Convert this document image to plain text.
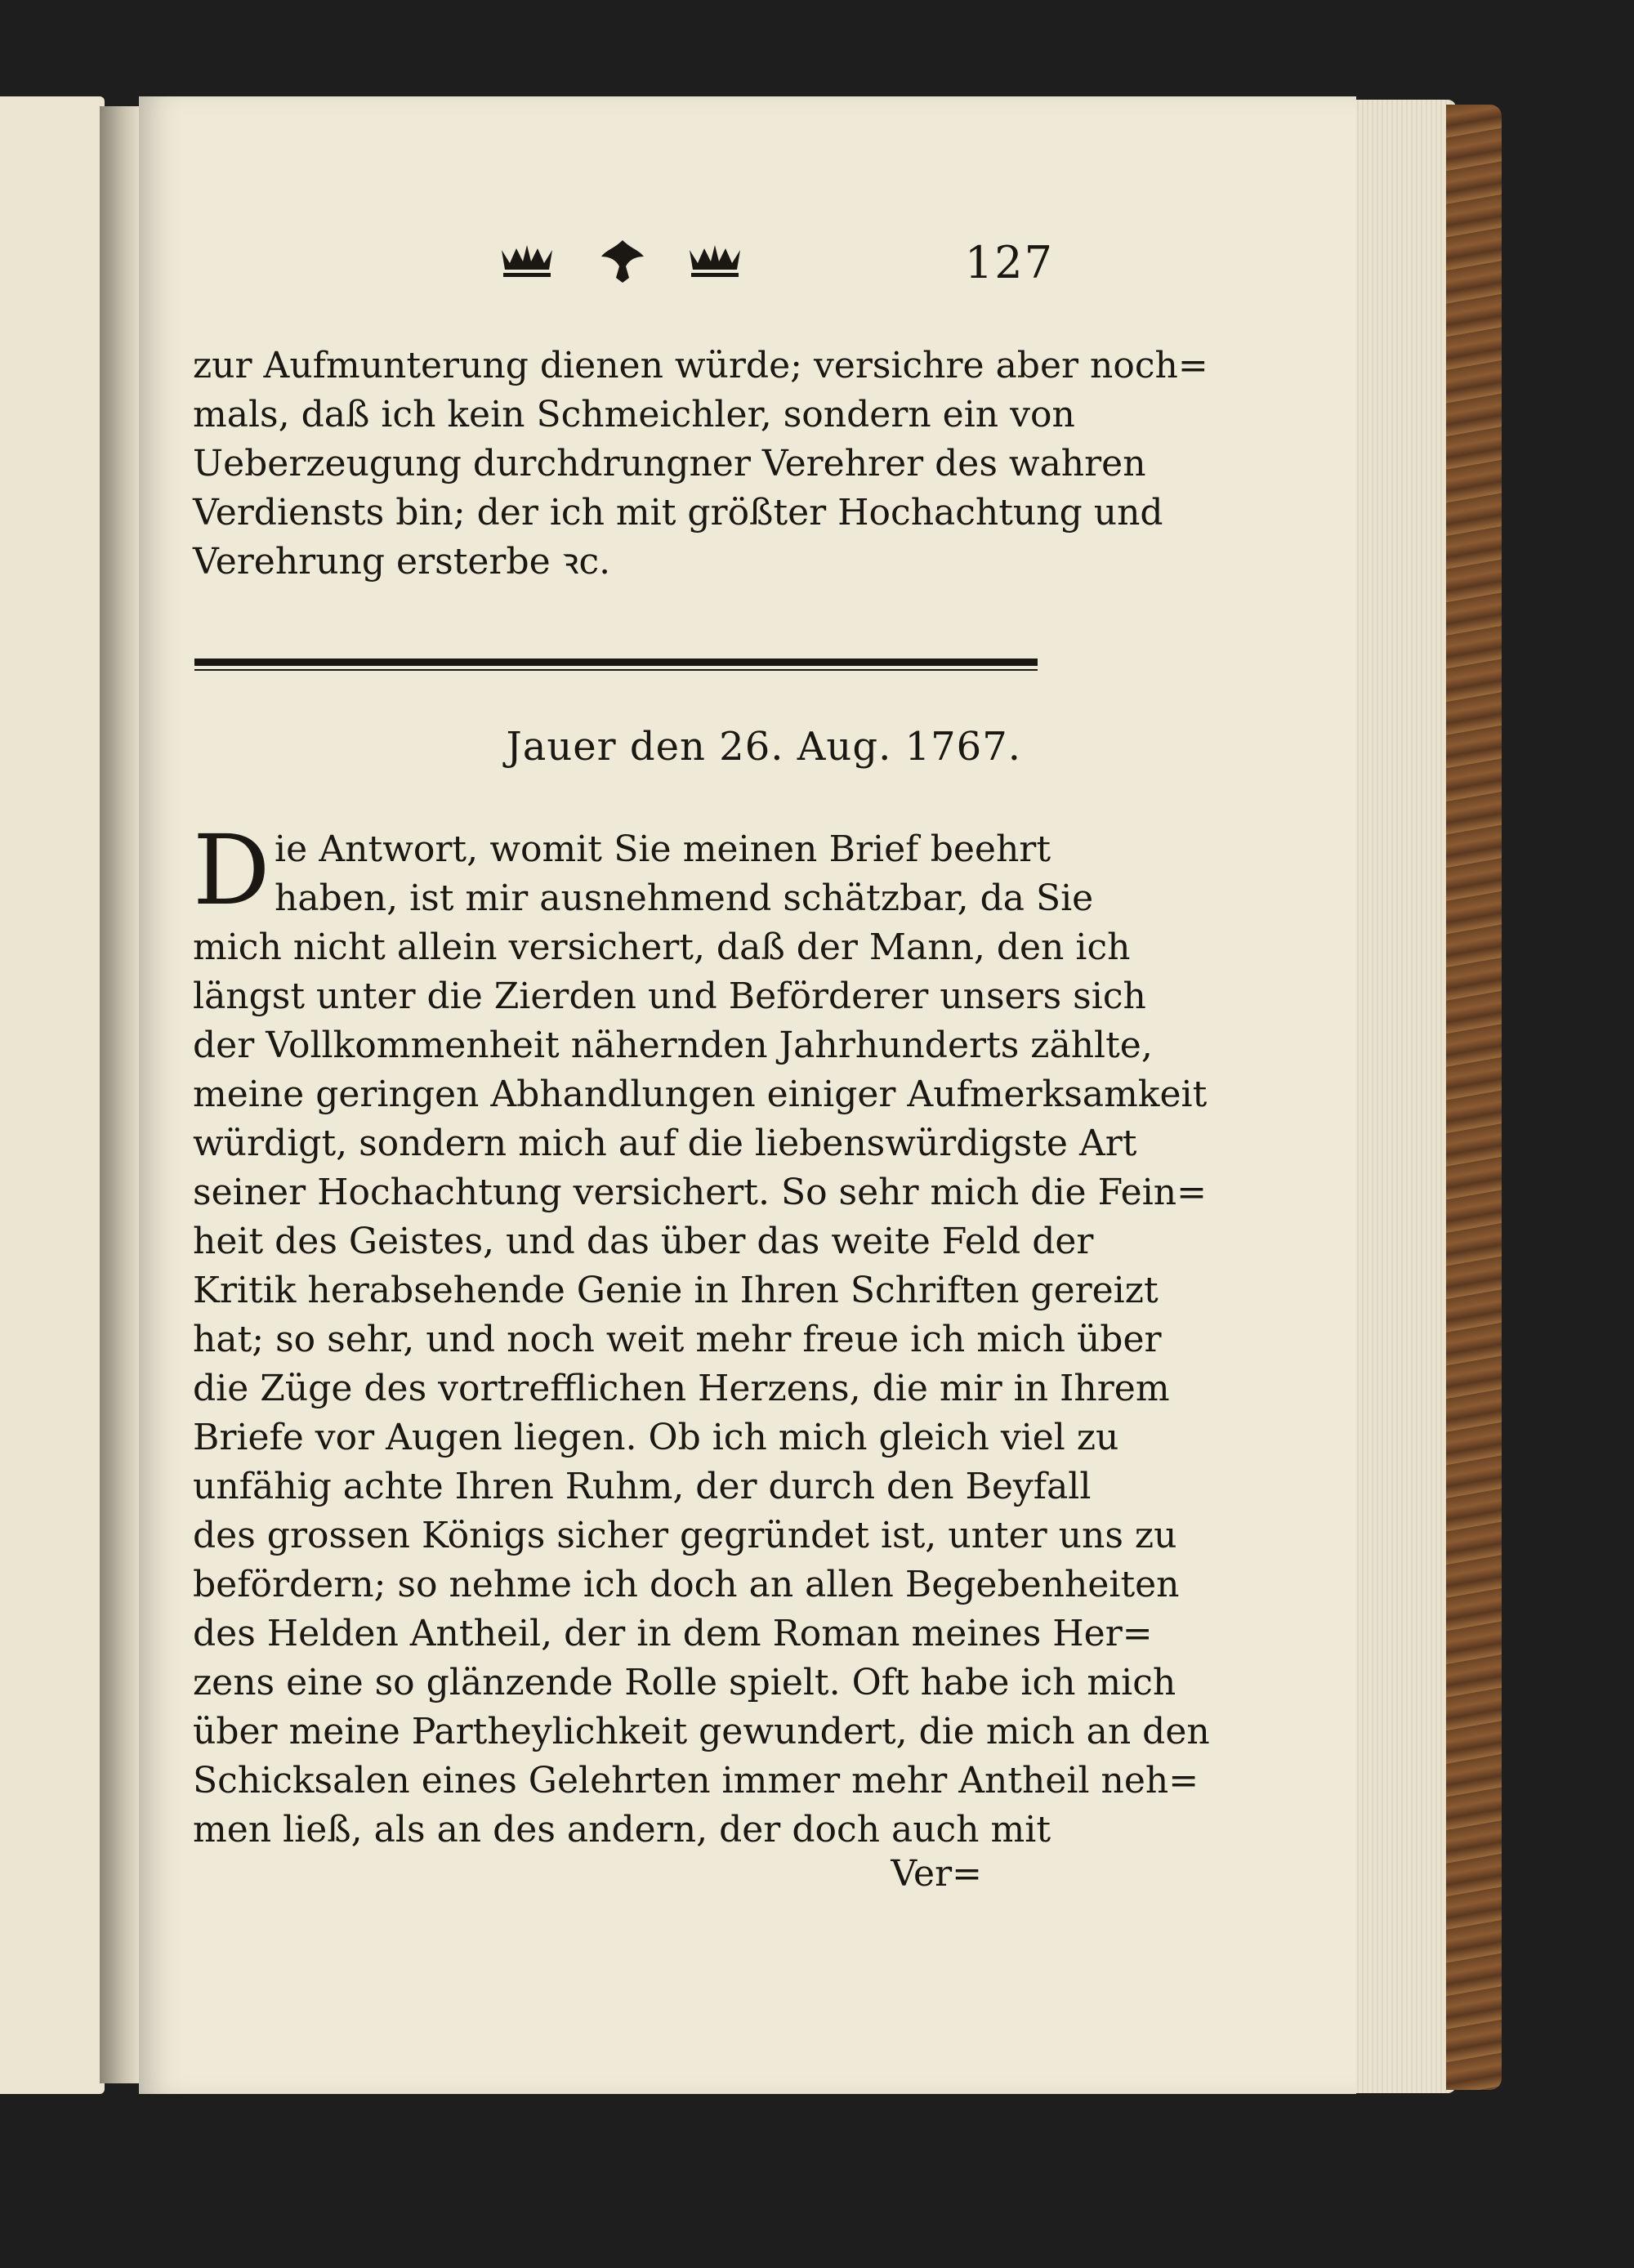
127
zur Aufmunterung dienen würde; versichre aber noch=
mals, daß ich kein Schmeichler, sondern ein von
Ueberzeugung durchdrungner Verehrer des wahren
Verdiensts bin; der ich mit größter Hochachtung und
Verehrung ersterbe ꝛc.
Jauer den 26. Aug. 1767.
D ie Antwort, womit Sie meinen Brief beehrt
haben, ist mir ausnehmend schätzbar, da Sie
mich nicht allein versichert, daß der Mann, den ich
längst unter die Zierden und Beförderer unsers sich
der Vollkommenheit nähernden Jahrhunderts zählte,
meine geringen Abhandlungen einiger Aufmerksamkeit
würdigt, sondern mich auf die liebenswürdigste Art
seiner Hochachtung versichert. So sehr mich die Fein=
heit des Geistes, und das über das weite Feld der
Kritik herabsehende Genie in Ihren Schriften gereizt
hat; so sehr, und noch weit mehr freue ich mich über
die Züge des vortrefflichen Herzens, die mir in Ihrem
Briefe vor Augen liegen. Ob ich mich gleich viel zu
unfähig achte Ihren Ruhm, der durch den Beyfall
des grossen Königs sicher gegründet ist, unter uns zu
befördern; so nehme ich doch an allen Begebenheiten
des Helden Antheil, der in dem Roman meines Her=
zens eine so glänzende Rolle spielt. Oft habe ich mich
über meine Partheylichkeit gewundert, die mich an den
Schicksalen eines Gelehrten immer mehr Antheil neh=
men ließ, als an des andern, der doch auch mit
Ver=
